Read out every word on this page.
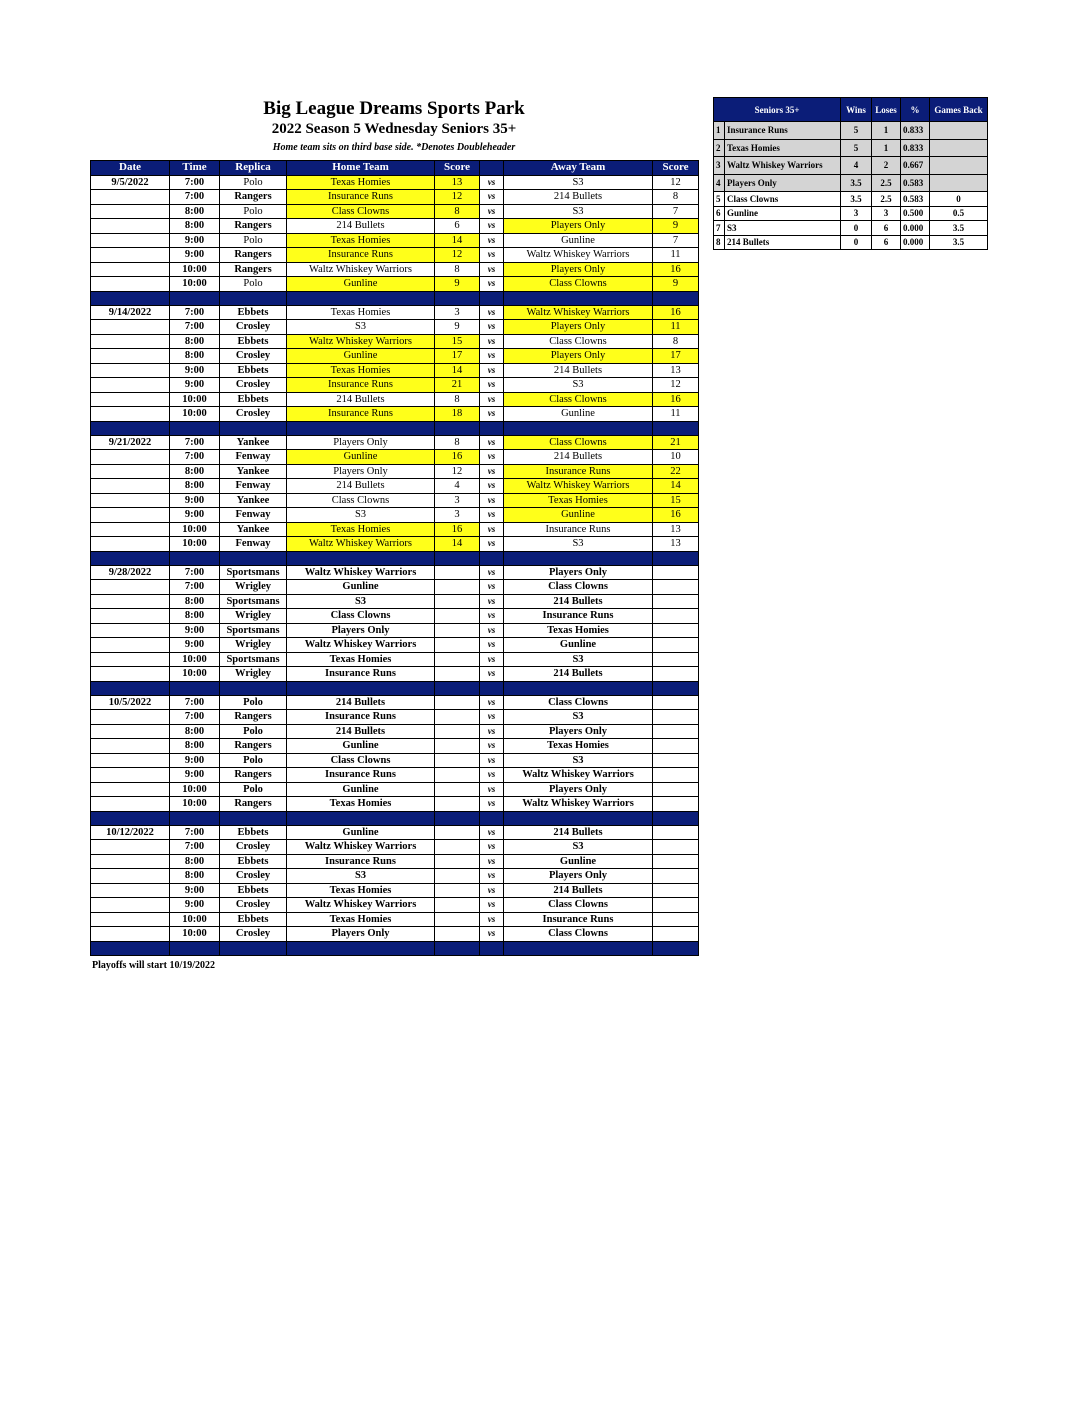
Big League Dreams Sports Park
2022 Season 5 Wednesday Seniors 35+
Home team sits on third base side. *Denotes Doubleheader
Date	Time	Replica	Home Team	Score		Away Team	Score
9/5/2022	7:00	Polo	Texas Homies	13	vs	S3	12
	7:00	Rangers	Insurance Runs	12	vs	214 Bullets	8
	8:00	Polo	Class Clowns	8	vs	S3	7
	8:00	Rangers	214 Bullets	6	vs	Players Only	9
	9:00	Polo	Texas Homies	14	vs	Gunline	7
	9:00	Rangers	Insurance Runs	12	vs	Waltz Whiskey Warriors	11
	10:00	Rangers	Waltz Whiskey Warriors	8	vs	Players Only	16
	10:00	Polo	Gunline	9	vs	Class Clowns	9

9/14/2022	7:00	Ebbets	Texas Homies	3	vs	Waltz Whiskey Warriors	16
	7:00	Crosley	S3	9	vs	Players Only	11
	8:00	Ebbets	Waltz Whiskey Warriors	15	vs	Class Clowns	8
	8:00	Crosley	Gunline	17	vs	Players Only	17
	9:00	Ebbets	Texas Homies	14	vs	214 Bullets	13
	9:00	Crosley	Insurance Runs	21	vs	S3	12
	10:00	Ebbets	214 Bullets	8	vs	Class Clowns	16
	10:00	Crosley	Insurance Runs	18	vs	Gunline	11

9/21/2022	7:00	Yankee	Players Only	8	vs	Class Clowns	21
	7:00	Fenway	Gunline	16	vs	214 Bullets	10
	8:00	Yankee	Players Only	12	vs	Insurance Runs	22
	8:00	Fenway	214 Bullets	4	vs	Waltz Whiskey Warriors	14
	9:00	Yankee	Class Clowns	3	vs	Texas Homies	15
	9:00	Fenway	S3	3	vs	Gunline	16
	10:00	Yankee	Texas Homies	16	vs	Insurance Runs	13
	10:00	Fenway	Waltz Whiskey Warriors	14	vs	S3	13

9/28/2022	7:00	Sportsmans	Waltz Whiskey Warriors		vs	Players Only	
	7:00	Wrigley	Gunline		vs	Class Clowns	
	8:00	Sportsmans	S3		vs	214 Bullets	
	8:00	Wrigley	Class Clowns		vs	Insurance Runs	
	9:00	Sportsmans	Players Only		vs	Texas Homies	
	9:00	Wrigley	Waltz Whiskey Warriors		vs	Gunline	
	10:00	Sportsmans	Texas Homies		vs	S3	
	10:00	Wrigley	Insurance Runs		vs	214 Bullets	

10/5/2022	7:00	Polo	214 Bullets		vs	Class Clowns	
	7:00	Rangers	Insurance Runs		vs	S3	
	8:00	Polo	214 Bullets		vs	Players Only	
	8:00	Rangers	Gunline		vs	Texas Homies	
	9:00	Polo	Class Clowns		vs	S3	
	9:00	Rangers	Insurance Runs		vs	Waltz Whiskey Warriors	
	10:00	Polo	Gunline		vs	Players Only	
	10:00	Rangers	Texas Homies		vs	Waltz Whiskey Warriors	

10/12/2022	7:00	Ebbets	Gunline		vs	214 Bullets	
	7:00	Crosley	Waltz Whiskey Warriors		vs	S3	
	8:00	Ebbets	Insurance Runs		vs	Gunline	
	8:00	Crosley	S3		vs	Players Only	
	9:00	Ebbets	Texas Homies		vs	214 Bullets	
	9:00	Crosley	Waltz Whiskey Warriors		vs	Class Clowns	
	10:00	Ebbets	Texas Homies		vs	Insurance Runs	
	10:00	Crosley	Players Only		vs	Class Clowns	

Seniors 35+		Wins	Loses	%	Games Back
1	Insurance Runs	5	1	0.833	
2	Texas Homies	5	1	0.833	
3	Waltz Whiskey Warriors	4	2	0.667	
4	Players Only	3.5	2.5	0.583	
5	Class Clowns	3.5	2.5	0.583	0
6	Gunline	3	3	0.500	0.5
7	S3	0	6	0.000	3.5
8	214 Bullets	0	6	0.000	3.5
Playoffs will start 10/19/2022
